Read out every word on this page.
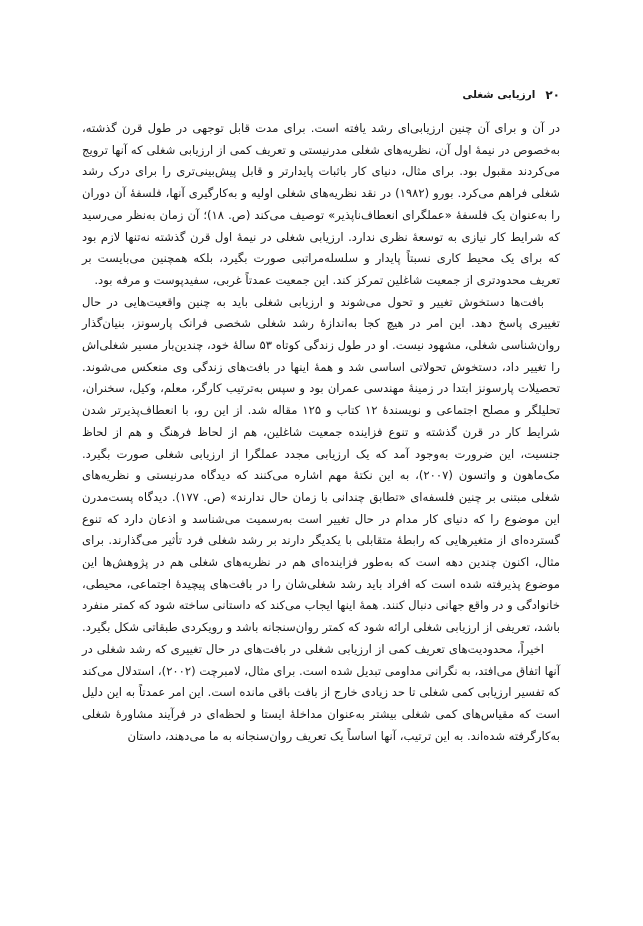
۲۰
ارزیابی شغلی

در آن و برای آن چنین ارزیابی‌ای رشد یافته است. برای مدت قابل توجهی در طول قرن گذشته، به‌خصوص در نیمهٔ اول آن، نظریه‌های شغلی مدرنیستی و تعریف کمی از ارزیابی شغلی که آنها ترویج می‌کردند مقبول بود. برای مثال، دنیای کار باثبات پایدارتر و قابل پیش‌بینی‌تری را برای درک رشد شغلی فراهم می‌کرد. بورو (۱۹۸۲) در نقد نظریه‌های شغلی اولیه و به‌کارگیری آنها، فلسفهٔ آن دوران را به‌عنوان یک فلسفهٔ «عملگرای انعطاف‌ناپذیر» توصیف می‌کند (ص. ۱۸)؛ آن زمان به‌نظر می‌رسید که شرایط کار نیازی به توسعهٔ نظری ندارد. ارزیابی شغلی در نیمهٔ اول قرن گذشته نه‌تنها لازم بود که برای یک محیط کاری نسبتاً پایدار و سلسله‌مراتبی صورت بگیرد، بلکه همچنین می‌بایست بر تعریف محدودتری از جمعیت شاغلین تمرکز کند. این جمعیت عمدتاً غربی، سفیدپوست و مرفه بود.

بافت‌ها دستخوش تغییر و تحول می‌شوند و ارزیابی شغلی باید به چنین واقعیت‌هایی در حال تغییری پاسخ دهد. این امر در هیچ کجا به‌اندازهٔ رشد شغلی شخصی فرانک پارسونز، بنیان‌گذار روان‌شناسی شغلی، مشهود نیست. او در طول زندگی کوتاه ۵۳ سالهٔ خود، چندین‌بار مسیر شغلی‌اش را تغییر داد، دستخوش تحولاتی اساسی شد و همهٔ اینها در بافت‌های زندگی وی منعکس می‌شوند. تحصیلات پارسونز ابتدا در زمینهٔ مهندسی عمران بود و سپس به‌ترتیب کارگر، معلم، وکیل، سخنران، تحلیلگر و مصلح اجتماعی و نویسندهٔ ۱۲ کتاب و ۱۲۵ مقاله شد. از این رو، با انعطاف‌پذیرتر شدن شرایط کار در قرن گذشته و تنوع فزاینده جمعیت شاغلین، هم از لحاظ فرهنگ و هم از لحاظ جنسیت، این ضرورت به‌وجود آمد که یک ارزیابی مجدد عملگرا از ارزیابی شغلی صورت بگیرد. مک‌ماهون و واتسون (۲۰۰۷)، به این نکتهٔ مهم اشاره می‌کنند که دیدگاه مدرنیستی و نظریه‌های شغلی مبتنی بر چنین فلسفه‌ای «تطابق چندانی با زمان حال ندارند» (ص. ۱۷۷). دیدگاه پست‌مدرن این موضوع را که دنیای کار مدام در حال تغییر است به‌رسمیت می‌شناسد و اذعان دارد که تنوع گسترده‌ای از متغیرهایی که رابطهٔ متقابلی با یکدیگر دارند بر رشد شغلی فرد تأثیر می‌گذارند. برای مثال، اکنون چندین دهه است که به‌طور فزاینده‌ای هم در نظریه‌های شغلی هم در پژوهش‌ها این موضوع پذیرفته شده است که افراد باید رشد شغلی‌شان را در بافت‌های پیچیدهٔ اجتماعی، محیطی، خانوادگی و در واقع جهانی دنبال کنند. همهٔ اینها ایجاب می‌کند که داستانی ساخته شود که کمتر منفرد باشد، تعریفی از ارزیابی شغلی ارائه شود که کمتر روان‌سنجانه باشد و رویکردی طبقاتی شکل بگیرد.

اخیراً، محدودیت‌های تعریف کمی از ارزیابی شغلی در بافت‌های در حال تغییری که رشد شغلی در آنها اتفاق می‌افتد، به نگرانی مداومی تبدیل شده است. برای مثال، لامبرچت (۲۰۰۲)، استدلال می‌کند که تفسیر ارزیابی کمی شغلی تا حد زیادی خارج از بافت باقی مانده است. این امر عمدتاً به این دلیل است که مقیاس‌های کمی شغلی بیشتر به‌عنوان مداخلهٔ ایستا و لحظه‌ای در فرآیند مشاورهٔ شغلی به‌کارگرفته شده‌اند. به این ترتیب، آنها اساساً یک تعریف روان‌سنجانه به ما می‌دهند، داستان
